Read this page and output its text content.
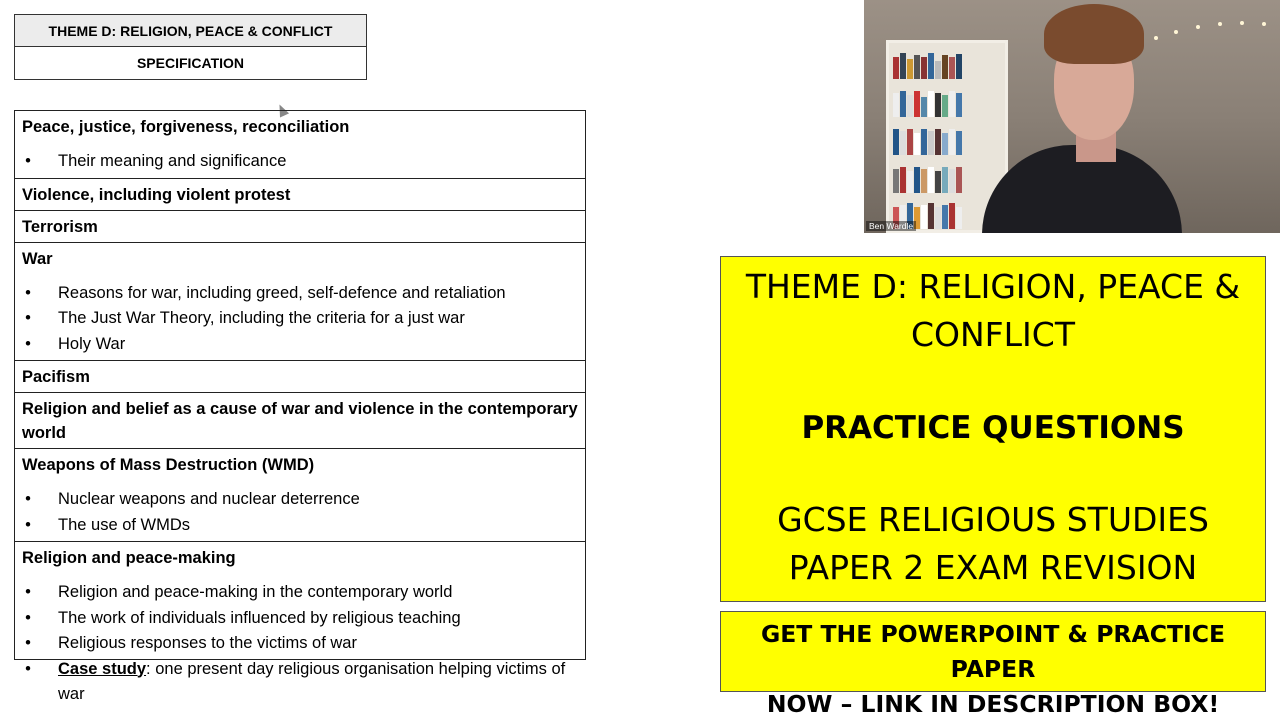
THEME D: RELIGION, PEACE & CONFLICT
SPECIFICATION
Peace, justice, forgiveness, reconciliation
• Their meaning and significance
Violence, including violent protest
Terrorism
War
• Reasons for war, including greed, self-defence and retaliation
• The Just War Theory, including the criteria for a just war
• Holy War
Pacifism
Religion and belief as a cause of war and violence in the contemporary world
Weapons of Mass Destruction (WMD)
• Nuclear weapons and nuclear deterrence
• The use of WMDs
Religion and peace-making
• Religion and peace-making in the contemporary world
• The work of individuals influenced by religious teaching
• Religious responses to the victims of war
• Case study: one present day religious organisation helping victims of war
Ben Wardle
THEME D: RELIGION, PEACE &
CONFLICT
PRACTICE QUESTIONS
GCSE RELIGIOUS STUDIES
PAPER 2 EXAM REVISION
GET THE POWERPOINT & PRACTICE PAPER
NOW – LINK IN DESCRIPTION BOX!
